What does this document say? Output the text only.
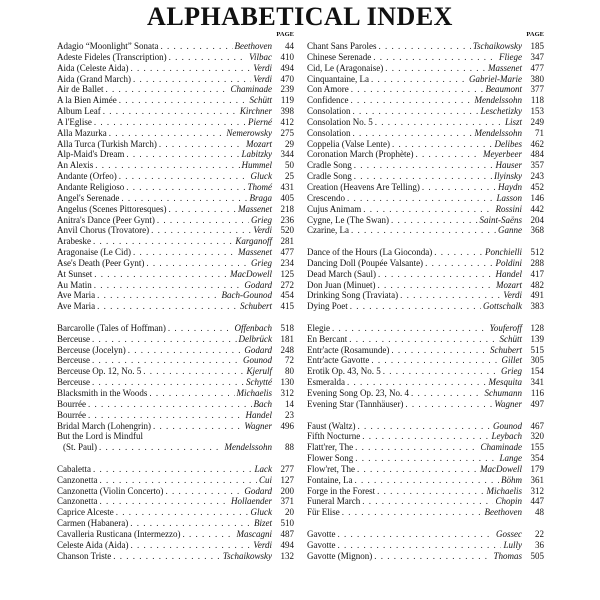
ALPHABETICAL INDEX
PAGE
Adagio “Moonlight” Sonata . . .	Beethoven	44
Adeste Fideles (Transcription) . . .	Vilbac 410
Aida (Celeste Aida) . . .	Verdi 494
Aida (Grand March) . . .	Verdi 470
Air de Ballet . . .	Chaminade 239
A la Bien Aimée . . .	Schütt 119
Album Leaf . . .	Kirchner 398
A l'Eglise . . .	Pierné 412
Alla Mazurka . . .	Nemerowsky 275
Alla Turca (Turkish March) . . .	Mozart	29
Alp-Maid's Dream . . .	Labitzky 344
An Alexis . . .	Hummel	50
Andante (Orfeo) . . .	Gluck	25
Andante Religioso . . .	Thomé 431
Angel's Serenade . . .	Braga 405
Angelus (Scenes Pittoresques) . . .	Massenet 218
Anitra's Dance (Peer Gynt) . . .	Grieg 236
Anvil Chorus (Trovatore) . . .	Verdi 520
Arabeske . . .	Karganoff 281
Aragonaise (Le Cid) . . .	Massenet 477
Ase's Death (Peer Gynt) . . .	Grieg 234
At Sunset . . .	MacDowell 125
Au Matin . . .	Godard 272
Ave Maria . . .	Bach-Gounod 454
Ave Maria . . .	Schubert 415
Barcarolle (Tales of Hoffman) . . .	Offenbach 518
Berceuse . . .	Delbrück 181
Berceuse (Jocelyn) . . .	Godard 248
Berceuse . . .	Gounod	72
Berceuse Op. 12, No. 5 . . .	Kjerulf	80
Berceuse . . .	Schytté 130
Blacksmith in the Woods . . .	Michaelis 312
Bourrée . . .	Bach	14
Bourrée . . .	Handel	23
Bridal March (Lohengrin) . . .	Wagner 496
But the Lord is Mindful
(St. Paul) . . .	Mendelssohn	88
Cabaletta . . .	Lack 277
Canzonetta . . .	Cui 127
Canzonetta (Violin Concerto) . . .	Godard 200
Canzonetta . . .	Hollaender 371
Caprice Alceste . . .	Gluck	20
Carmen (Habanera) . . .	Bizet 510
Cavalleria Rusticana (Intermezzo) . . .	Mascagni 487
Celeste Aida (Aida) . . .	Verdi 494
Chanson Triste . . .	Tschaikowsky 132
PAGE
Chant Sans Paroles . . .	Tschaikowsky 185
Chinese Serenade . . .	Fliege 347
Cid, Le (Aragonaise) . . .	Massenet 477
Cinquantaine, La . . .	Gabriel-Marie 380
Con Amore . . .	Beaumont 377
Confidence . . .	Mendelssohn 118
Consolation . . .	Leschetizky 153
Consolation No. 5 . . .	Liszt 249
Consolation . . .	Mendelssohn	71
Coppelia (Valse Lente) . . .	Delibes 462
Coronation March (Prophète) . . .	Meyerbeer 484
Cradle Song . . .	Hauser 357
Cradle Song . . .	Ilyinsky 243
Creation (Heavens Are Telling) . . .	Haydn 452
Crescendo . . .	Lasson 146
Cujus Animam . . .	Rossini 442
Cygne, Le (The Swan) . . .	Saint-Saëns 204
Czarine, La . . .	Ganne 368
Dance of the Hours (La Gioconda) . . .	Ponchielli 512
Dancing Doll (Poupée Valsante) . . .	Poldini 288
Dead March (Saul) . . .	Handel 417
Don Juan (Minuet) . . .	Mozart 482
Drinking Song (Traviata) . . .	Verdi 491
Dying Poet . . .	Gottschalk 383
Elegie . . .	Youferoff 128
En Bercant . . .	Schütt 139
Entr'acte (Rosamunde) . . .	Schubert 515
Entr'acte Gavotte . . .	Gillet 305
Erotik Op. 43, No. 5 . . .	Grieg 154
Esmeralda . . .	Mesquita 341
Evening Song Op. 23, No. 4 . . .	Schumann 116
Evening Star (Tannhäuser) . . .	Wagner 497
Faust (Waltz) . . .	Gounod 467
Fifth Nocturne . . .	Leybach 320
Flatt'rer, The . . .	Chaminade 155
Flower Song . . .	Lange 354
Flow'ret, The . . .	MacDowell 179
Fontaine, La . . .	Böhm 361
Forge in the Forest . . .	Michaelis 312
Funeral March . . .	Chopin 447
Für Elise . . .	Beethoven	48
Gavotte . . .	Gossec	22
Gavotte . . .	Lully	36
Gavotte (Mignon) . . .	Thomas 505
